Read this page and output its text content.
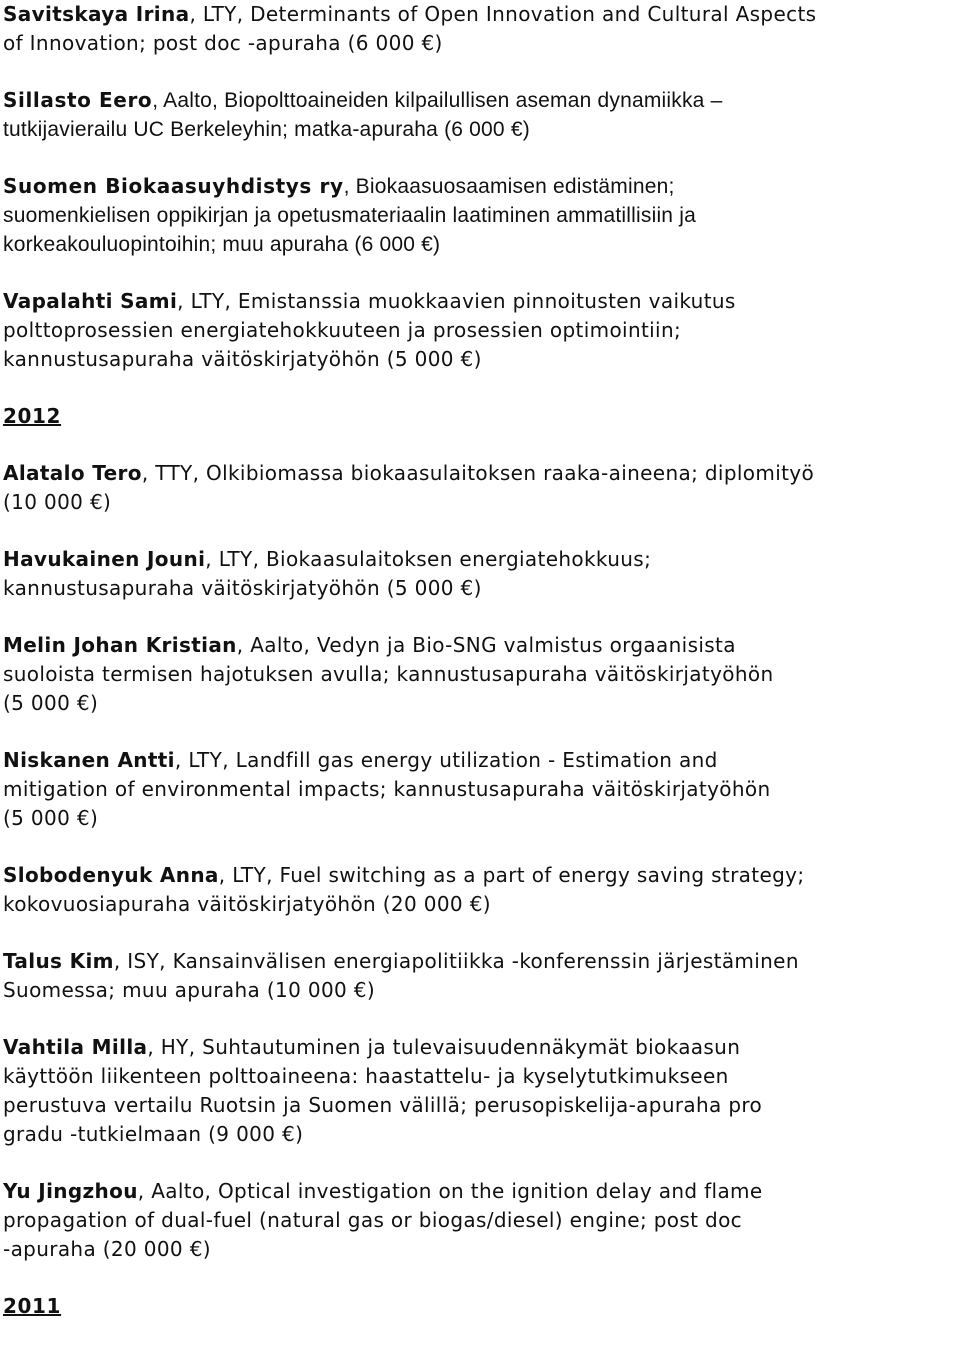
Savitskaya Irina, LTY, Determinants of Open Innovation and Cultural Aspects
of Innovation; post doc -apuraha (6 000 €)

Sillasto Eero, Aalto, Biopolttoaineiden kilpailullisen aseman dynamiikka –
tutkijavierailu UC Berkeleyhin; matka-apuraha (6 000 €)

Suomen Biokaasuyhdistys ry, Biokaasuosaamisen edistäminen;
suomenkielisen oppikirjan ja opetusmateriaalin laatiminen ammatillisiin ja
korkeakouluopintoihin; muu apuraha (6 000 €)

Vapalahti Sami, LTY, Emistanssia muokkaavien pinnoitusten vaikutus
polttoprosessien energiatehokkuuteen ja prosessien optimointiin;
kannustusapuraha väitöskirjatyöhön (5 000 €)

2012

Alatalo Tero, TTY, Olkibiomassa biokaasulaitoksen raaka-aineena; diplomityö
(10 000 €)

Havukainen Jouni, LTY, Biokaasulaitoksen energiatehokkuus;
kannustusapuraha väitöskirjatyöhön (5 000 €)

Melin Johan Kristian, Aalto, Vedyn ja Bio-SNG valmistus orgaanisista
suoloista termisen hajotuksen avulla; kannustusapuraha väitöskirjatyöhön
(5 000 €)

Niskanen Antti, LTY, Landfill gas energy utilization - Estimation and
mitigation of environmental impacts; kannustusapuraha väitöskirjatyöhön
(5 000 €)

Slobodenyuk Anna, LTY, Fuel switching as a part of energy saving strategy;
kokovuosiapuraha väitöskirjatyöhön (20 000 €)

Talus Kim, ISY, Kansainvälisen energiapolitiikka -konferenssin järjestäminen
Suomessa; muu apuraha (10 000 €)

Vahtila Milla, HY, Suhtautuminen ja tulevaisuudennäkymät biokaasun
käyttöön liikenteen polttoaineena: haastattelu- ja kyselytutkimukseen
perustuva vertailu Ruotsin ja Suomen välillä; perusopiskelija-apuraha pro
gradu -tutkielmaan (9 000 €)

Yu Jingzhou, Aalto, Optical investigation on the ignition delay and flame
propagation of dual-fuel (natural gas or biogas/diesel) engine; post doc
-apuraha (20 000 €)

2011
